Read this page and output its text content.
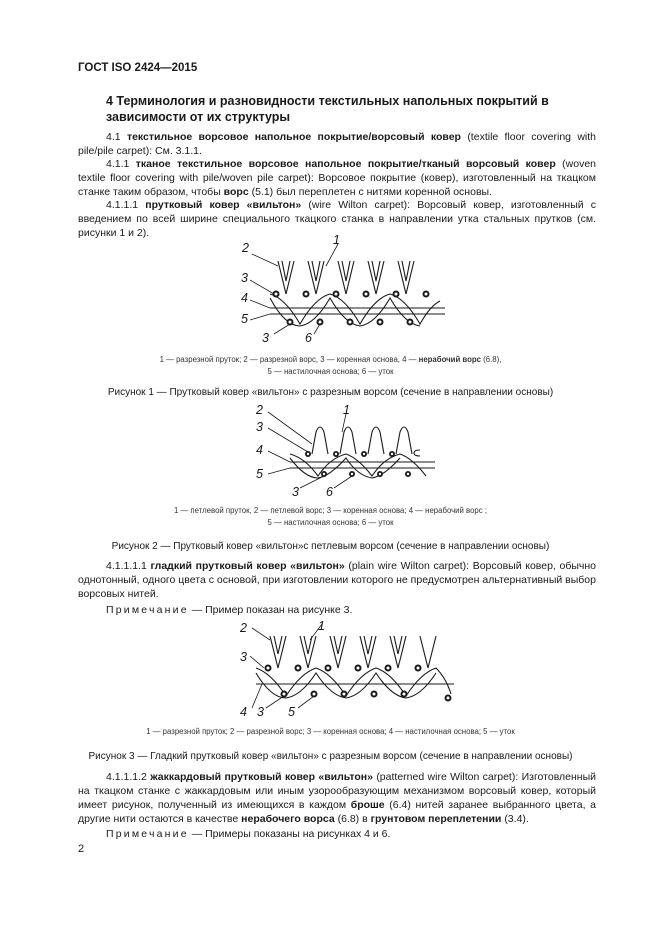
ГОСТ ISO 2424—2015
4 Терминология и разновидности текстильных напольных покрытий в зависимости от их структуры
4.1 текстильное ворсовое напольное покрытие/ворсовый ковер (textile floor covering with pile/pile carpet): См. 3.1.1.
4.1.1 тканое текстильное ворсовое напольное покрытие/тканый ворсовый ковер (woven textile floor covering with pile/woven pile carpet): Ворсовое покрытие (ковер), изготовленный на ткацком станке таким образом, чтобы ворс (5.1) был переплетен с нитями коренной основы.
4.1.1.1 прутковый ковер «вильтон» (wire Wilton carpet): Ворсовый ковер, изготовленный с введением по всей ширине специального ткацкого станка в направлении утка стальных прутков (см. рисунки 1 и 2).	1
2
3
4
5
3	6
1 — разрезной пруток; 2 — разрезной ворс, 3 — коренная основа, 4 — нерабочий ворс (6.8),
5 — настилочная основа; 6 — уток
Рисунок 1 — Прутковый ковер «вильтон» с разрезным ворсом (сечение в направлении основы)
1
2
3
4
5
3 6
1 — петлевой пруток, 2 — петлевой ворс; 3 — коренная основа; 4 — нерабочий ворс ;
5 — настилочная основа; 6 — уток
Рисунок 2 — Прутковый ковер «вильтон»с петлевым ворсом (сечение в направлении основы)
4.1.1.1.1 гладкий прутковый ковер «вильтон» (plain wire Wilton carpet): Ворсовый ковер, обычно однотонный, одного цвета с основой, при изготовлении которого не предусмотрен альтернативный выбор ворсовых нитей.
Примечание — Пример показан на рисунке 3.
1
2
3
4 3 5
1 — разрезной пруток; 2 — разрезной ворс; 3 — коренная основа; 4 — настилочная основа; 5 — уток
Рисунок 3 — Гладкий прутковый ковер «вильтон» с разрезным ворсом (сечение в направлении основы)
4.1.1.1.2 жаккардовый прутковый ковер «вильтон» (patterned wire Wilton carpet): Изготовленный на ткацком станке с жаккардовым или иным узорообразующим механизмом ворсовый ковер, который имеет рисунок, полученный из имеющихся в каждом броше (6.4) нитей заранее выбранного цвета, а другие нити остаются в качестве нерабочего ворса (6.8) в грунтовом переплетении (3.4).
Примечание — Примеры показаны на рисунках 4 и 6.
2
